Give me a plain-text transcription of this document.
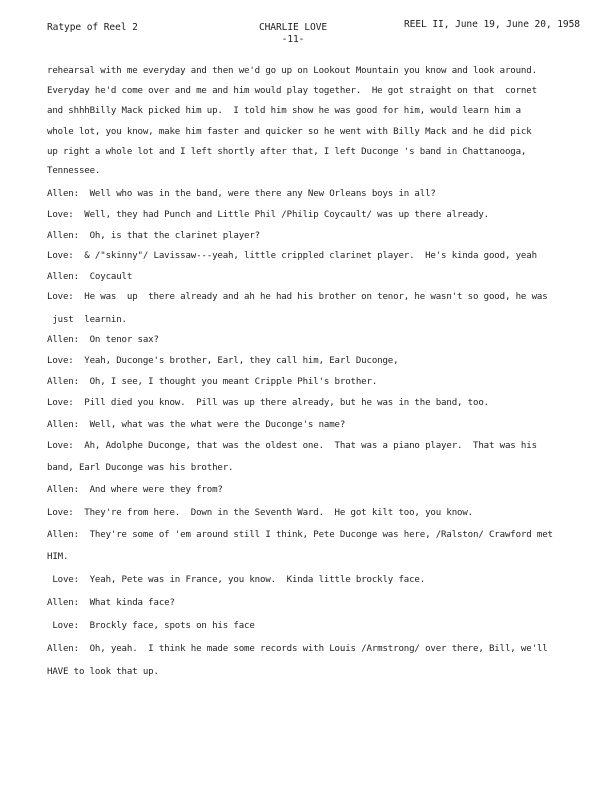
Ratype of Reel 2	CHARLIE LOVE
-11-
REEL II, June 19, June 20, 1958
rehearsal with me everyday and then we'd go up on Lookout Mountain you know and look around.
Everyday he'd come over and me and him would play together.  He got straight on that  cornet
and shhhBilly Mack picked him up.  I told him show he was good for him, would learn him a
whole lot, you know, make him faster and quicker so he went with Billy Mack and he did pick
up right a whole lot and I left shortly after that, I left Duconge 's band in Chattanooga,
Tennessee.
Allen:  Well who was in the band, were there any New Orleans boys in all?
Love:  Well, they had Punch and Little Phil /Philip Coycault/ was up there already.
Allen:  Oh, is that the clarinet player?
Love:  & /"skinny"/ Lavissaw---yeah, little crippled clarinet player.  He's kinda good, yeah
Allen:  Coycault
Love:  He was  up  there already and ah he had his brother on tenor, he wasn't so good, he was
just  learnin.
Allen:  On tenor sax?
Love:  Yeah, Duconge's brother, Earl, they call him, Earl Duconge,
Allen:  Oh, I see, I thought you meant Cripple Phil's brother.
Love:  Pill died you know.  Pill was up there already, but he was in the band, too.
Allen:  Well, what was the what were the Duconge's name?
Love:  Ah, Adolphe Duconge, that was the oldest one.  That was a piano player.  That was his
band, Earl Duconge was his brother.
Allen:  And where were they from?
Love:  They're from here.  Down in the Seventh Ward.  He got kilt too, you know.
Allen:  They're some of 'em around still I think, Pete Duconge was here, /Ralston/ Crawford met
HIM.
Love:  Yeah, Pete was in France, you know.  Kinda little brockly face.
Allen:  What kinda face?
Love:  Brockly face, spots on his face
Allen:  Oh, yeah.  I think he made some records with Louis /Armstrong/ over there, Bill, we'll
HAVE to look that up.
